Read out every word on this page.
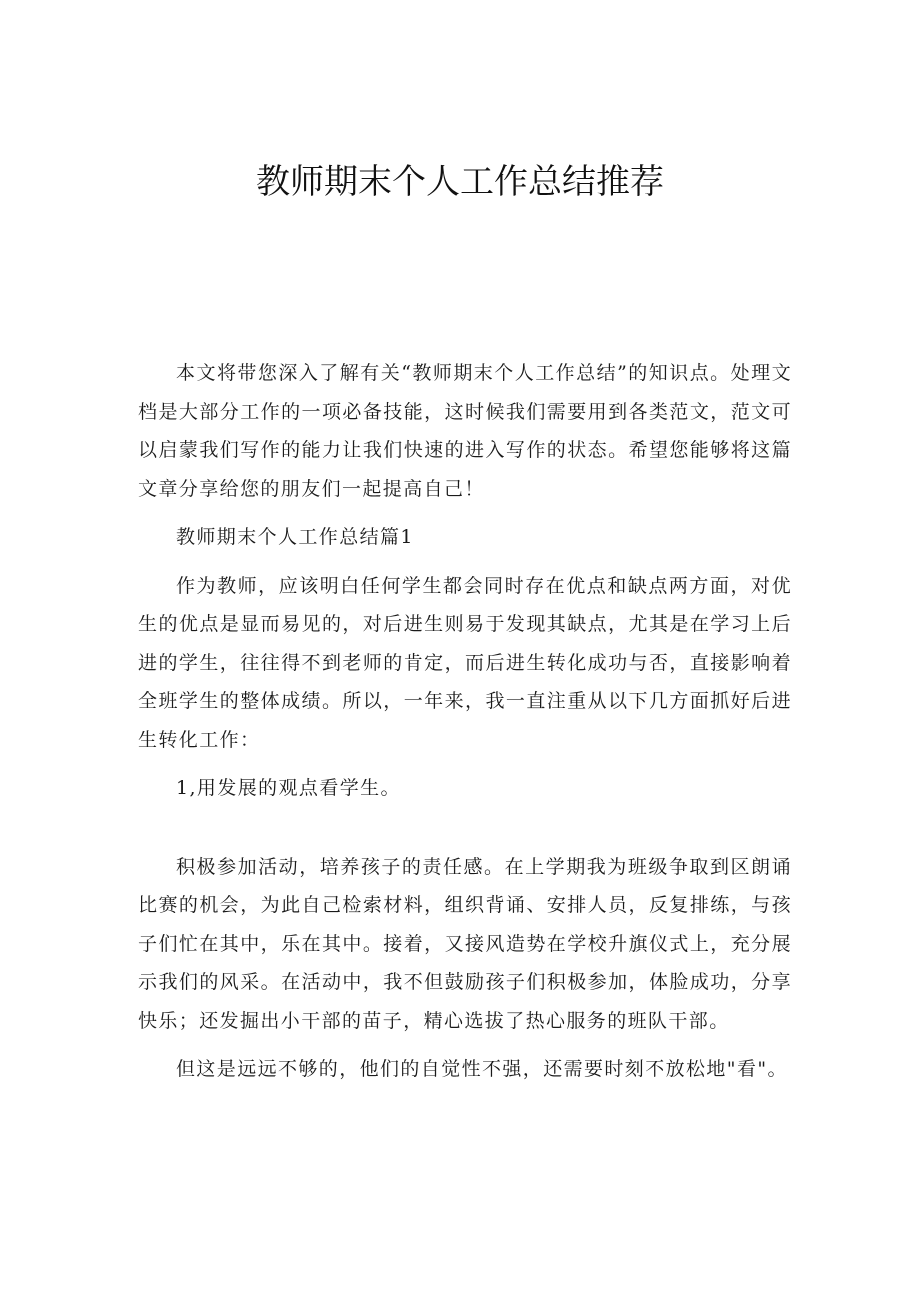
教师期末个人工作总结推荐

本文将带您深入了解有关“教师期末个人工作总结”的知识点。处理文档是大部分工作的一项必备技能，这时候我们需要用到各类范文，范文可以启蒙我们写作的能力让我们快速的进入写作的状态。希望您能够将这篇文章分享给您的朋友们一起提高自己！

教师期末个人工作总结篇1

作为教师，应该明白任何学生都会同时存在优点和缺点两方面，对优生的优点是显而易见的，对后进生则易于发现其缺点，尤其是在学习上后进的学生，往往得不到老师的肯定，而后进生转化成功与否，直接影响着全班学生的整体成绩。所以，一年来，我一直注重从以下几方面抓好后进生转化工作：

1,用发展的观点看学生。

积极参加活动，培养孩子的责任感。在上学期我为班级争取到区朗诵比赛的机会，为此自己检索材料，组织背诵、安排人员，反复排练，与孩子们忙在其中，乐在其中。接着，又接风造势在学校升旗仪式上，充分展示我们的风采。在活动中，我不但鼓励孩子们积极参加，体脸成功，分享快乐；还发掘出小干部的苗子，精心选拔了热心服务的班队干部。

但这是远远不够的，他们的自觉性不强，还需要时刻不放松地"看"。
